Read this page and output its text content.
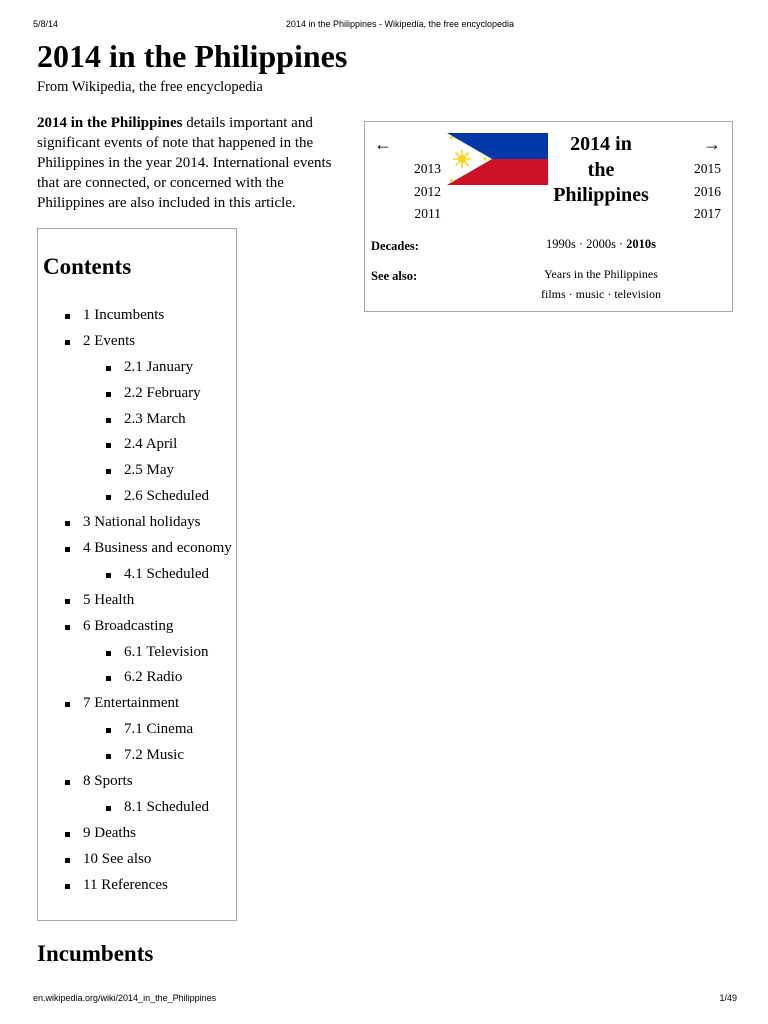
5/8/14	2014 in the Philippines - Wikipedia, the free encyclopedia
2014 in the Philippines
From Wikipedia, the free encyclopedia
2014 in the Philippines details important and
significant events of note that happened in the
Philippines in the year 2014. International events
that are connected, or concerned with the
Philippines are also included in this article.
←	→
2013
2012
2011
2014 in
the
Philippines
2015
2016
2017
Decades:	1990s · 2000s · 2010s
See also:	Years in the Philippines
films · music · television
Contents
1 Incumbents
2 Events
2.1 January
2.2 February
2.3 March
2.4 April
2.5 May
2.6 Scheduled
3 National holidays
4 Business and economy
4.1 Scheduled
5 Health
6 Broadcasting
6.1 Television
6.2 Radio
7 Entertainment
7.1 Cinema
7.2 Music
8 Sports
8.1 Scheduled
9 Deaths
10 See also
11 References
Incumbents
en.wikipedia.org/wiki/2014_in_the_Philippines	1/49
